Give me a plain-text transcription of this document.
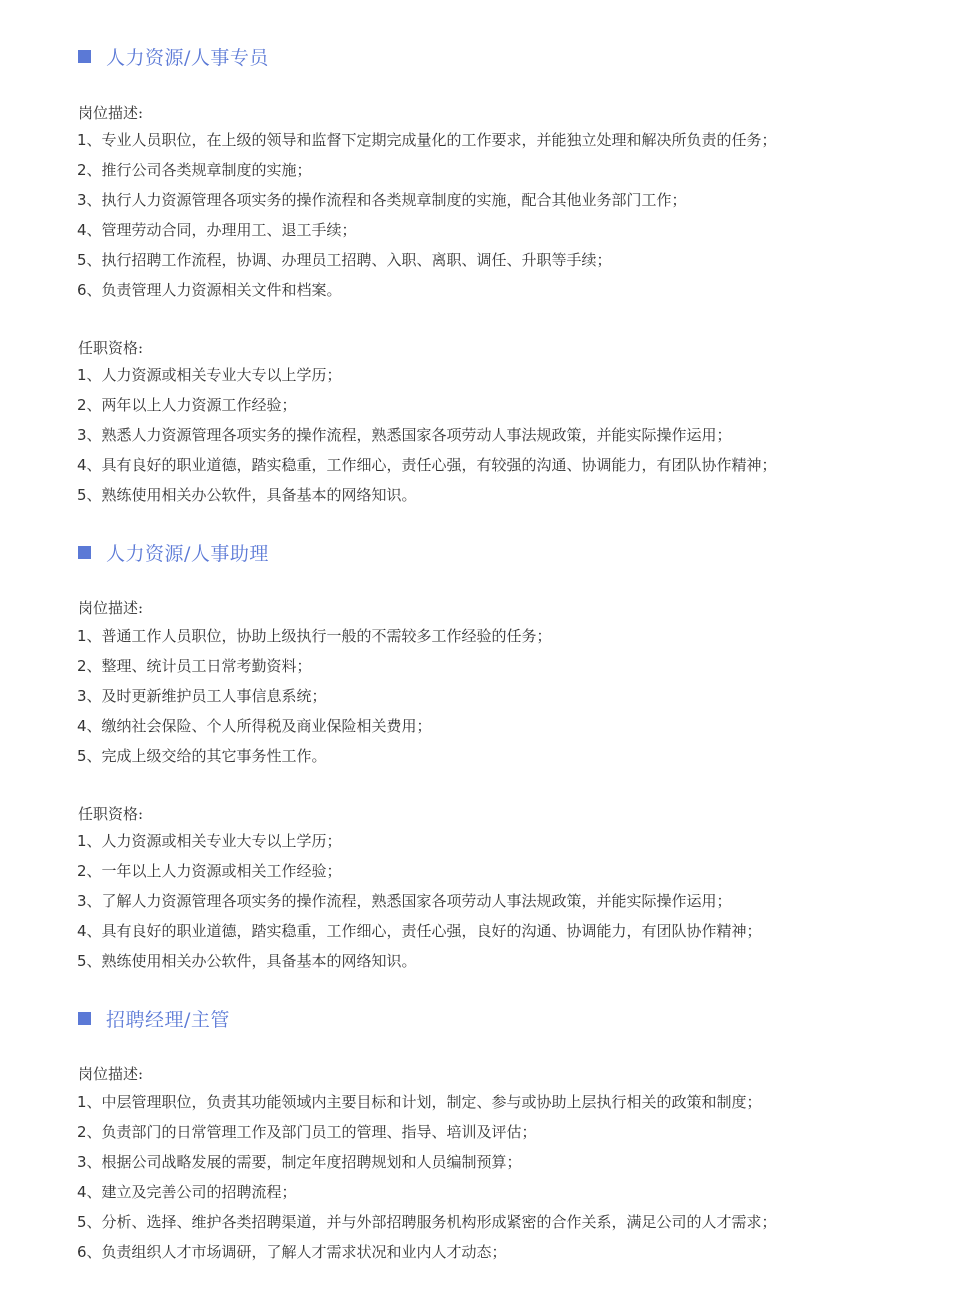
人力资源/人事专员
岗位描述:
1、专业人员职位，在上级的领导和监督下定期完成量化的工作要求，并能独立处理和解决所负责的任务；
2、推行公司各类规章制度的实施；
3、执行人力资源管理各项实务的操作流程和各类规章制度的实施，配合其他业务部门工作；
4、管理劳动合同，办理用工、退工手续；
5、执行招聘工作流程，协调、办理员工招聘、入职、离职、调任、升职等手续；
6、负责管理人力资源相关文件和档案。
任职资格:
1、人力资源或相关专业大专以上学历；
2、两年以上人力资源工作经验；
3、熟悉人力资源管理各项实务的操作流程，熟悉国家各项劳动人事法规政策，并能实际操作运用；
4、具有良好的职业道德，踏实稳重，工作细心，责任心强，有较强的沟通、协调能力，有团队协作精神；
5、熟练使用相关办公软件，具备基本的网络知识。
人力资源/人事助理
岗位描述:
1、普通工作人员职位，协助上级执行一般的不需较多工作经验的任务；
2、整理、统计员工日常考勤资料；
3、及时更新维护员工人事信息系统；
4、缴纳社会保险、个人所得税及商业保险相关费用；
5、完成上级交给的其它事务性工作。
任职资格:
1、人力资源或相关专业大专以上学历；
2、一年以上人力资源或相关工作经验；
3、了解人力资源管理各项实务的操作流程，熟悉国家各项劳动人事法规政策，并能实际操作运用；
4、具有良好的职业道德，踏实稳重，工作细心，责任心强，良好的沟通、协调能力，有团队协作精神；
5、熟练使用相关办公软件，具备基本的网络知识。
招聘经理/主管
岗位描述:
1、中层管理职位，负责其功能领域内主要目标和计划，制定、参与或协助上层执行相关的政策和制度；
2、负责部门的日常管理工作及部门员工的管理、指导、培训及评估；
3、根据公司战略发展的需要，制定年度招聘规划和人员编制预算；
4、建立及完善公司的招聘流程；
5、分析、选择、维护各类招聘渠道，并与外部招聘服务机构形成紧密的合作关系，满足公司的人才需求；
6、负责组织人才市场调研，了解人才需求状况和业内人才动态；
